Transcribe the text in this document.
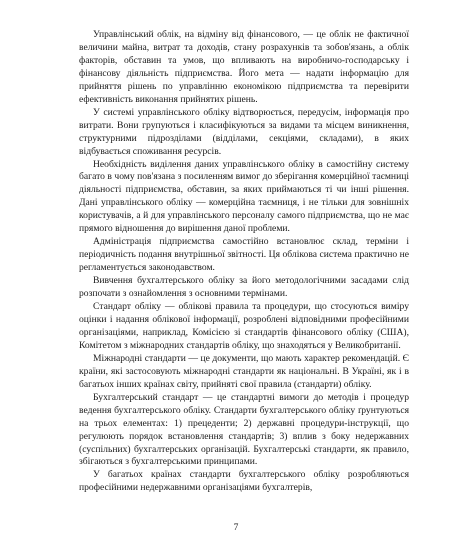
Управлінський облік, на відміну від фінансового, — це облік не фактичної величини майна, витрат та доходів, стану розрахунків та зобов'язань, а облік факторів, обставин та умов, що впливають на виробничо-господарську і фінансову діяльність підприємства. Його мета — надати інформацію для прийняття рішень по управлінню економікою підприємства та перевірити ефективність виконання прийнятих рішень.

У системі управлінського обліку відтворюється, передусім, інформація про витрати. Вони групуються і класифікуються за видами та місцем виникнення, структурними підрозділами (відділами, секціями, складами), в яких відбувається споживання ресурсів.

Необхідність виділення даних управлінського обліку в самостійну систему багато в чому пов'язана з посиленням вимог до зберігання комерційної таємниці діяльності підприємства, обставин, за яких приймаються ті чи інші рішення. Дані управлінського обліку — комерційна таємниця, і не тільки для зовнішніх користувачів, а й для управлінського персоналу самого підприємства, що не має прямого відношення до вирішення даної проблеми.

Адміністрація підприємства самостійно встановлює склад, терміни і періодичність подання внутрішньої звітності. Ця облікова система практично не регламентується законодавством.

Вивчення бухгалтерського обліку за його методологічними засадами слід розпочати з ознайомлення з основними термінами.

Стандарт обліку — облікові правила та процедури, що стосуються виміру оцінки і надання облікової інформації, розроблені відповідними професійними організаціями, наприклад, Комісією зі стандартів фінансового обліку (США), Комітетом з міжнародних стандартів обліку, що знаходяться у Великобританії.

Міжнародні стандарти — це документи, що мають характер рекомендацій. Є країни, які застосовують міжнародні стандарти як національні. В Україні, як і в багатьох інших країнах світу, прийняті свої правила (стандарти) обліку.

Бухгалтерський стандарт — це стандартні вимоги до методів і процедур ведення бухгалтерського обліку. Стандарти бухгалтерського обліку ґрунтуються на трьох елементах: 1) прецеденти; 2) державні процедури-інструкції, що регулюють порядок встановлення стандартів; 3) вплив з боку недержавних (суспільних) бухгалтерських організацій. Бухгалтерські стандарти, як правило, збігаються з бухгалтерськими принципами.

У багатьох країнах стандарти бухгалтерського обліку розробляються професійними недержавними організаціями бухгалтерів,

7
